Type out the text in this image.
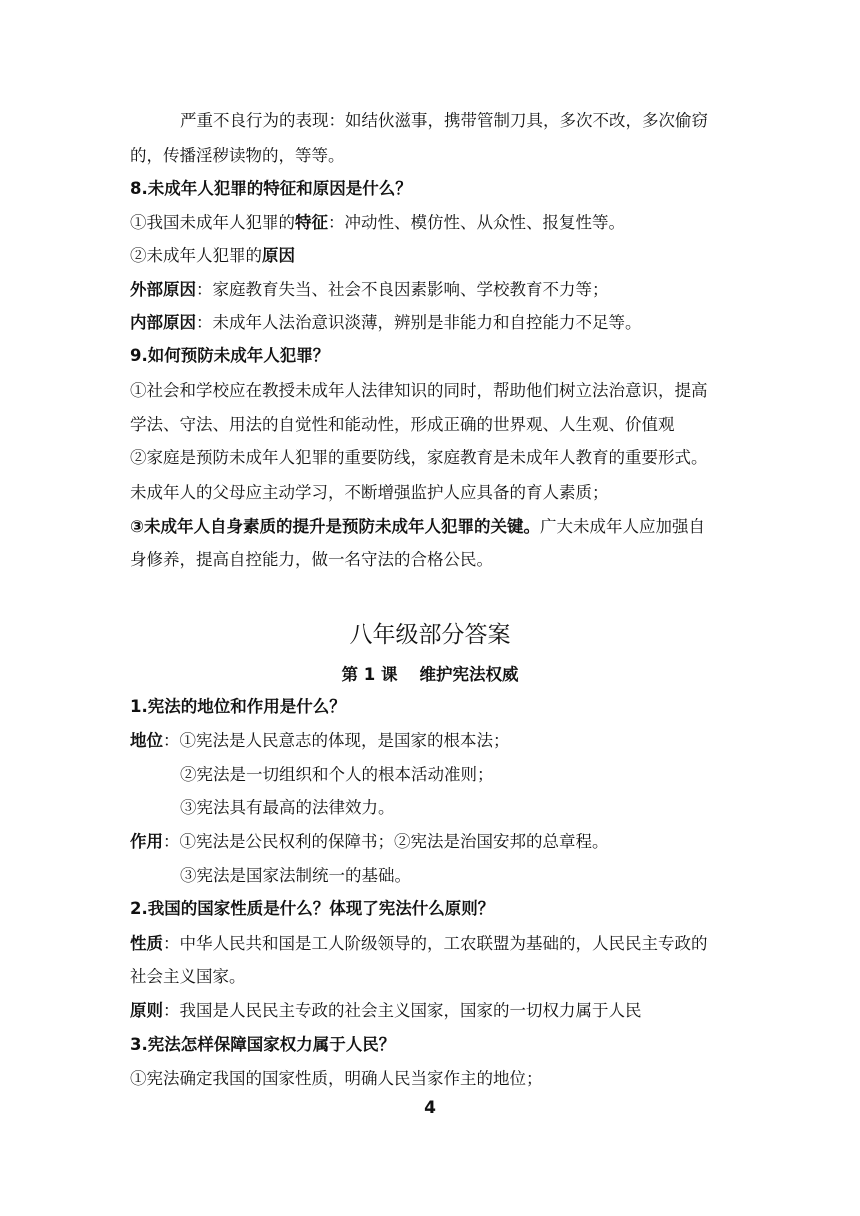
严重不良行为的表现：如结伙滋事，携带管制刀具，多次不改，多次偷窃
的，传播淫秽读物的，等等。
8.未成年人犯罪的特征和原因是什么？
①我国未成年人犯罪的特征：冲动性、模仿性、从众性、报复性等。
②未成年人犯罪的原因
外部原因：家庭教育失当、社会不良因素影响、学校教育不力等；
内部原因：未成年人法治意识淡薄，辨别是非能力和自控能力不足等。
9.如何预防未成年人犯罪？
①社会和学校应在教授未成年人法律知识的同时，帮助他们树立法治意识，提高
学法、守法、用法的自觉性和能动性，形成正确的世界观、人生观、价值观
②家庭是预防未成年人犯罪的重要防线，家庭教育是未成年人教育的重要形式。
未成年人的父母应主动学习，不断增强监护人应具备的育人素质；
③未成年人自身素质的提升是预防未成年人犯罪的关键。广大未成年人应加强自
身修养，提高自控能力，做一名守法的合格公民。
1.宪法的地位和作用是什么？
地位：①宪法是人民意志的体现，是国家的根本法；
②宪法是一切组织和个人的根本活动准则；
③宪法具有最高的法律效力。
作用：①宪法是公民权利的保障书；②宪法是治国安邦的总章程。
③宪法是国家法制统一的基础。
2.我国的国家性质是什么？体现了宪法什么原则？
性质：中华人民共和国是工人阶级领导的，工农联盟为基础的，人民民主专政的
社会主义国家。
原则：我国是人民民主专政的社会主义国家，国家的一切权力属于人民
3.宪法怎样保障国家权力属于人民？
①宪法确定我国的国家性质，明确人民当家作主的地位；
八年级部分答案
第 1 课 维护宪法权威
4
